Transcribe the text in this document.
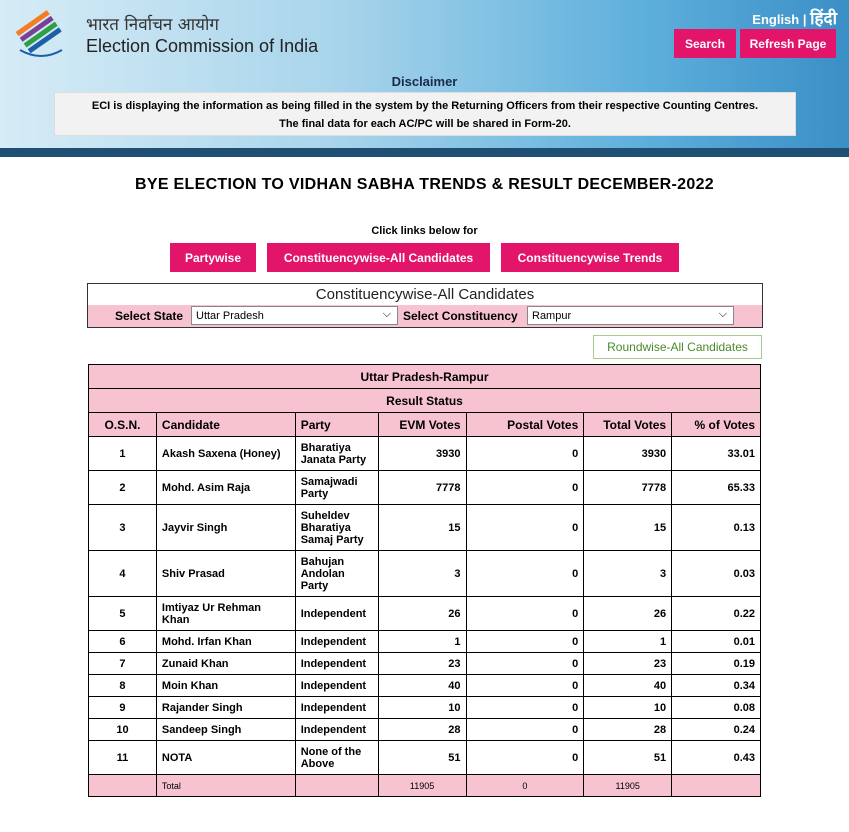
भारत निर्वाचन आयोग
Election Commission of India
English | हिंदी
Search	Refresh Page
Disclaimer
ECI is displaying the information as being filled in the system by the Returning Officers from their respective Counting Centres.
The final data for each AC/PC will be shared in Form-20.
BYE ELECTION TO VIDHAN SABHA TRENDS & RESULT DECEMBER-2022
Click links below for
Partywise	Constituencywise-All Candidates	Constituencywise Trends
Constituencywise-All Candidates
Select State	Uttar Pradesh	⌵ Select Constituency	Rampur	⌵
Roundwise-All Candidates
Uttar Pradesh-Rampur						
Result Status						
O.S.N.	Candidate	Party	EVM Votes	Postal Votes	Total Votes	% of Votes
1	Akash Saxena (Honey)	Bharatiya Janata Party	3930	0	3930	33.01
2	Mohd. Asim Raja	Samajwadi Party	7778	0	7778	65.33
3	Jayvir Singh	Suheldev Bharatiya Samaj Party	15	0	15	0.13
4	Shiv Prasad	Bahujan Andolan Party	3	0	3	0.03
5	Imtiyaz Ur Rehman Khan	Independent	26	0	26	0.22
6	Mohd. Irfan Khan	Independent	1	0	1	0.01
7	Zunaid Khan	Independent	23	0	23	0.19
8	Moin Khan	Independent	40	0	40	0.34
9	Rajander Singh	Independent	10	0	10	0.08
10	Sandeep Singh	Independent	28	0	28	0.24
11	NOTA	None of the Above	51	0	51	0.43
	Total		11905	0	11905	
